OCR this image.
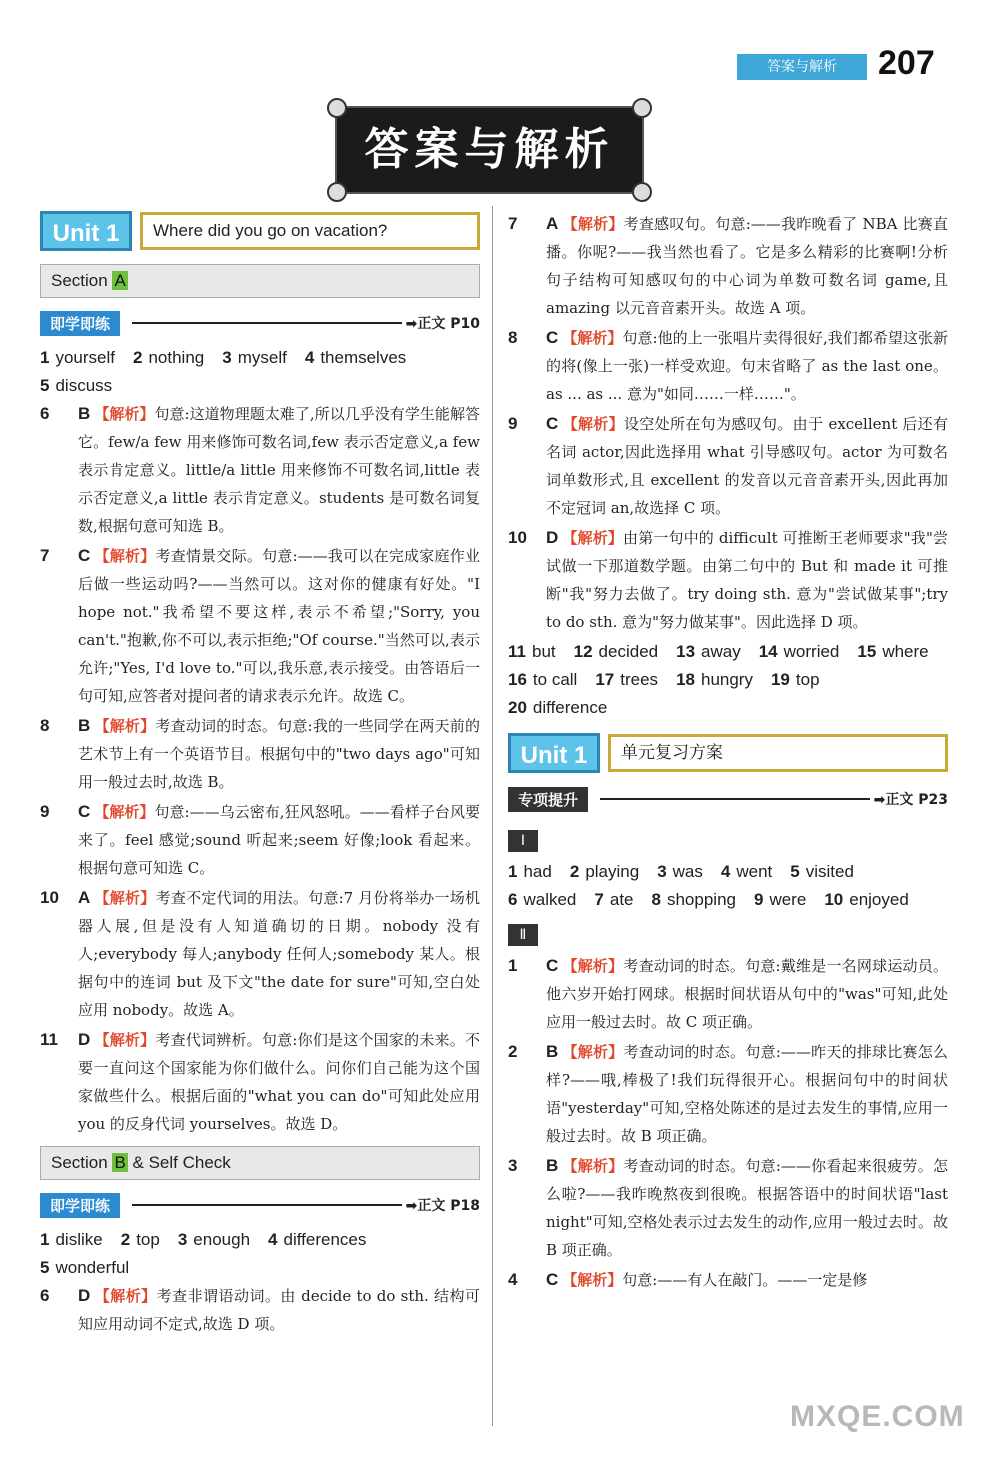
答案与解析	207
答案与解析
Unit 1	Where did you go on vacation?
Section A
即学即练	➡正文 P10
1 yourself 2 nothing 3 myself 4 themselves
5 discuss
6	B 【解析】句意:这道物理题太难了,所以几乎没有学生能解答它。few/a few 用来修饰可数名词,few 表示否定意义,a few 表示肯定意义。little/a little 用来修饰不可数名词,little 表示否定意义,a little 表示肯定意义。students 是可数名词复数,根据句意可知选 B。
7	C 【解析】考查情景交际。句意:——我可以在完成家庭作业后做一些运动吗?——当然可以。这对你的健康有好处。"I hope not."我希望不要这样,表示不希望;"Sorry, you can't."抱歉,你不可以,表示拒绝;"Of course."当然可以,表示允许;"Yes, I'd love to."可以,我乐意,表示接受。由答语后一句可知,应答者对提问者的请求表示允许。故选 C。
8	B 【解析】考查动词的时态。句意:我的一些同学在两天前的艺术节上有一个英语节目。根据句中的"two days ago"可知用一般过去时,故选 B。
9	C 【解析】句意:——乌云密布,狂风怒吼。——看样子台风要来了。feel 感觉;sound 听起来;seem 好像;look 看起来。根据句意可知选 C。
10	A 【解析】考查不定代词的用法。句意:7 月份将举办一场机器人展,但是没有人知道确切的日期。nobody 没有人;everybody 每人;anybody 任何人;somebody 某人。根据句中的连词 but 及下文"the date for sure"可知,空白处应用 nobody。故选 A。
11	D 【解析】考查代词辨析。句意:你们是这个国家的未来。不要一直问这个国家能为你们做什么。问你们自己能为这个国家做些什么。根据后面的"what you can do"可知此处应用 you 的反身代词 yourselves。故选 D。
Section B & Self Check
即学即练	➡正文 P18
1 dislike 2 top 3 enough 4 differences
5 wonderful
6	D 【解析】考查非谓语动词。由 decide to do sth. 结构可知应用动词不定式,故选 D 项。
7	A 【解析】考查感叹句。句意:——我昨晚看了 NBA 比赛直播。你呢?——我当然也看了。它是多么精彩的比赛啊!分析句子结构可知感叹句的中心词为单数可数名词 game,且 amazing 以元音音素开头。故选 A 项。
8	C 【解析】句意:他的上一张唱片卖得很好,我们都希望这张新的将(像上一张)一样受欢迎。句末省略了 as the last one。as ... as ... 意为"如同……一样……"。
9	C 【解析】设空处所在句为感叹句。由于 excellent 后还有名词 actor,因此选择用 what 引导感叹句。actor 为可数名词单数形式,且 excellent 的发音以元音音素开头,因此再加不定冠词 an,故选择 C 项。
10	D 【解析】由第一句中的 difficult 可推断王老师要求"我"尝试做一下那道数学题。由第二句中的 But 和 made it 可推断"我"努力去做了。try doing sth. 意为"尝试做某事";try to do sth. 意为"努力做某事"。因此选择 D 项。
11 but 12 decided 13 away 14 worried 15 where
16 to call 17 trees 18 hungry 19 top
20 difference
Unit 1	单元复习方案
专项提升	➡正文 P23
Ⅰ
1 had 2 playing 3 was 4 went 5 visited
6 walked 7 ate 8 shopping 9 were 10 enjoyed
Ⅱ
1	C 【解析】考查动词的时态。句意:戴维是一名网球运动员。他六岁开始打网球。根据时间状语从句中的"was"可知,此处应用一般过去时。故 C 项正确。
2	B 【解析】考查动词的时态。句意:——昨天的排球比赛怎么样?——哦,棒极了!我们玩得很开心。根据问句中的时间状语"yesterday"可知,空格处陈述的是过去发生的事情,应用一般过去时。故 B 项正确。
3	B 【解析】考查动词的时态。句意:——你看起来很疲劳。怎么啦?——我昨晚熬夜到很晚。根据答语中的时间状语"last night"可知,空格处表示过去发生的动作,应用一般过去时。故 B 项正确。
4	C 【解析】句意:——有人在敲门。——一定是修
MXQE.COM
